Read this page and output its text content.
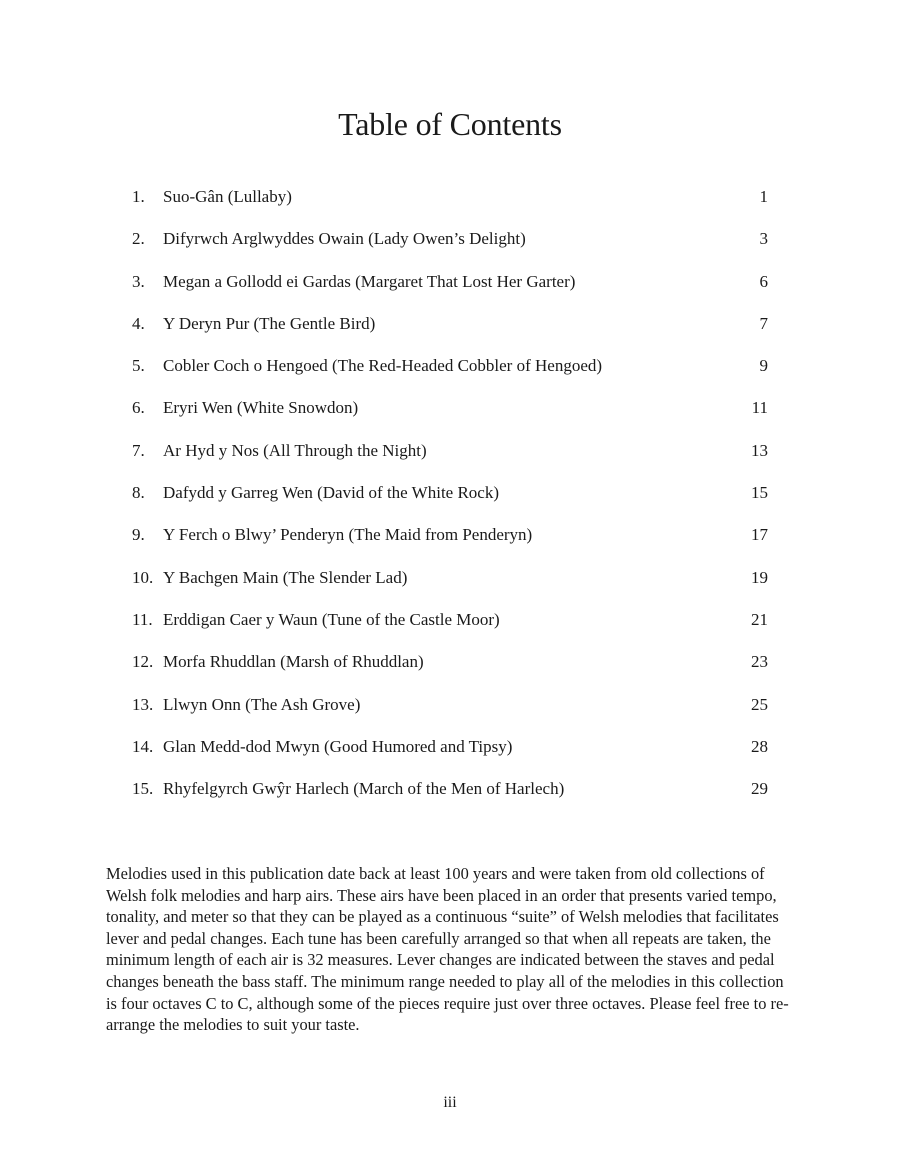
Table of Contents
1. Suo-Gân (Lullaby)	1
2. Difyrwch Arglwyddes Owain (Lady Owen’s Delight)	3
3. Megan a Gollodd ei Gardas (Margaret That Lost Her Garter)	6
4. Y Deryn Pur (The Gentle Bird)	7
5. Cobler Coch o Hengoed (The Red-Headed Cobbler of Hengoed)	9
6. Eryri Wen (White Snowdon)	11
7. Ar Hyd y Nos (All Through the Night)	13
8. Dafydd y Garreg Wen (David of the White Rock)	15
9. Y Ferch o Blwy’ Penderyn (The Maid from Penderyn)	17
10. Y Bachgen Main (The Slender Lad)	19
11. Erddigan Caer y Waun (Tune of the Castle Moor)	21
12. Morfa Rhuddlan (Marsh of Rhuddlan)	23
13. Llwyn Onn (The Ash Grove)	25
14. Glan Medd-dod Mwyn (Good Humored and Tipsy)	28
15. Rhyfelgyrch Gwŷr Harlech (March of the Men of Harlech)	29

Melodies used in this publication date back at least 100 years and were taken from old collections of Welsh folk melodies and harp airs. These airs have been placed in an order that presents varied tempo, tonality, and meter so that they can be played as a continuous “suite” of Welsh melodies that facilitates lever and pedal changes. Each tune has been carefully arranged so that when all repeats are taken, the minimum length of each air is 32 measures. Lever changes are indicated between the staves and pedal changes beneath the bass staff. The minimum range needed to play all of the melodies in this collection is four octaves C to C, although some of the pieces require just over three octaves. Please feel free to re-arrange the melodies to suit your taste.

iii
